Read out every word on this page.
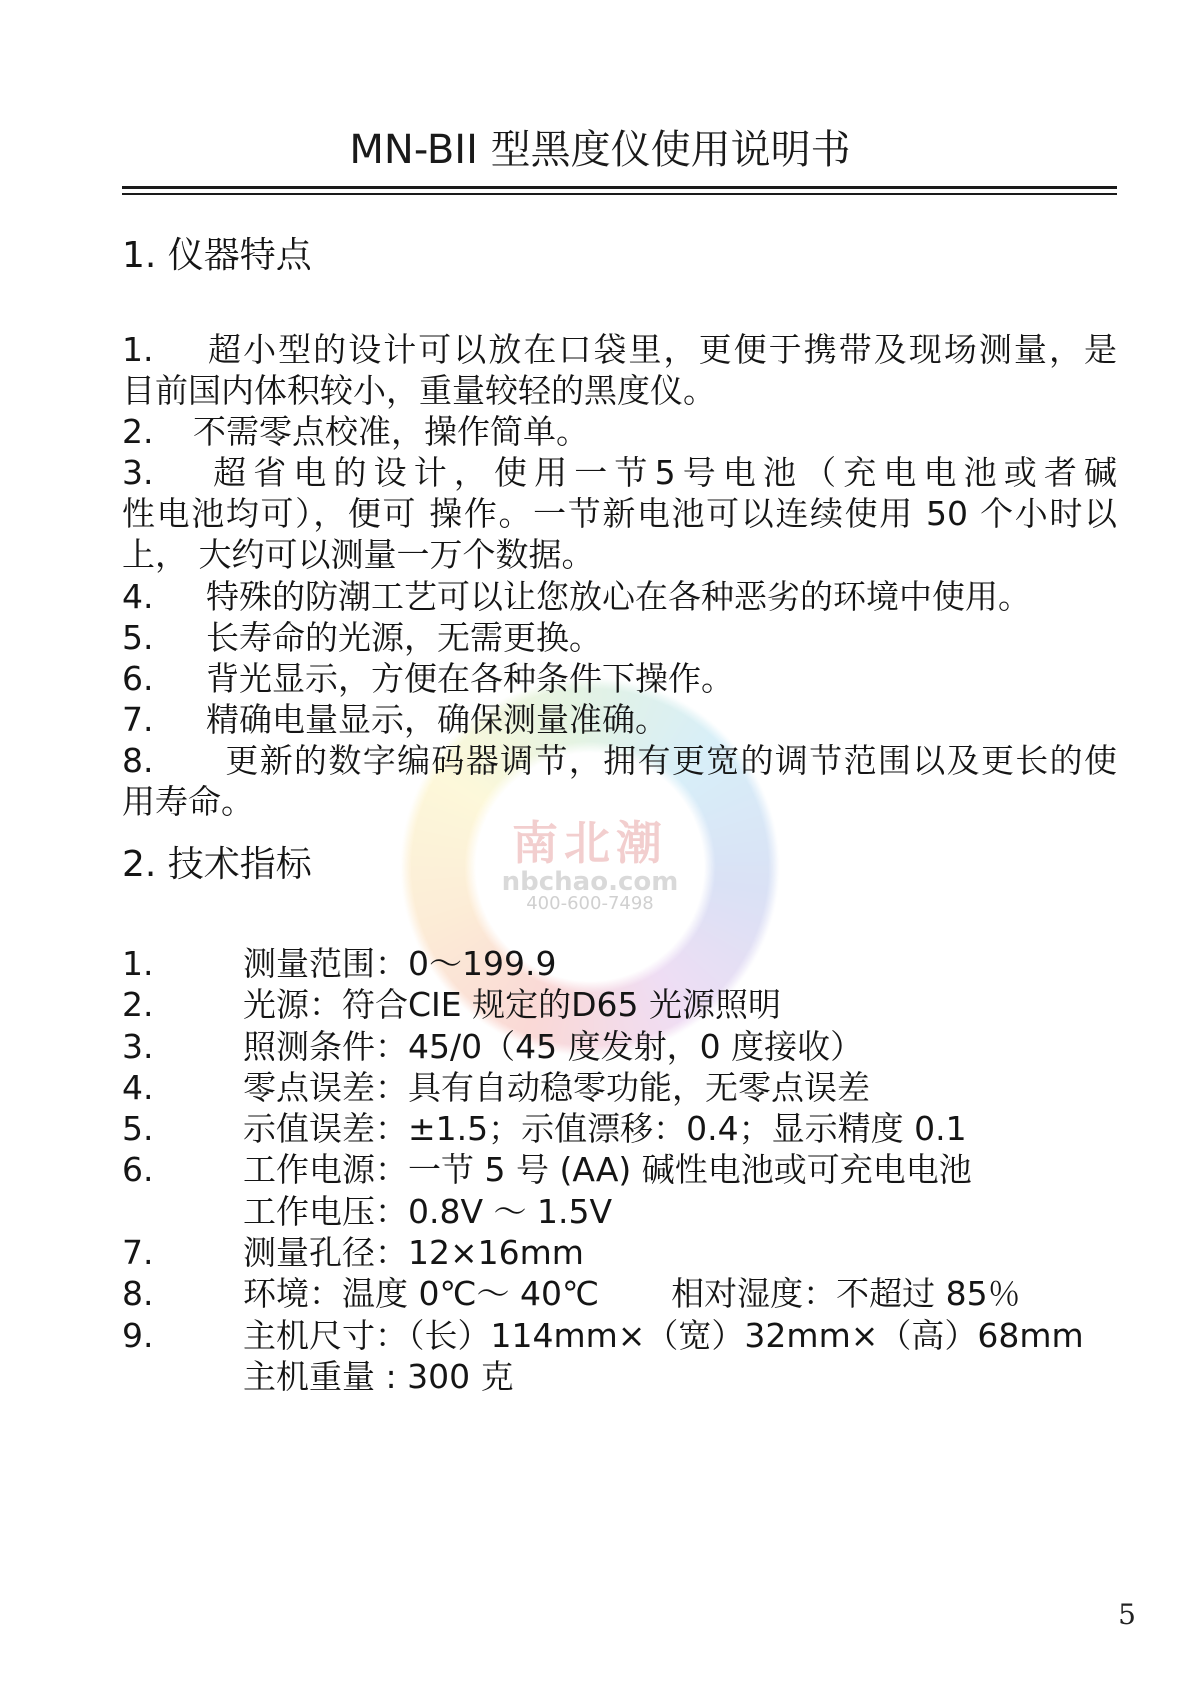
南北潮
nbchao.com
400-600-7498
MN-BII 型黑度仪使用说明书
1. 仪器特点
1. 超小型的设计可以放在口袋里，更便于携带及现场测量，是
目前国内体积较小，重量较轻的黑度仪。
2. 不需零点校准，操作简单。
3. 超省电的设计，使用一节5号电池（充电电池或者碱
性电池均可），便可 操作。一节新电池可以连续使用 50 个小时以
上， 大约可以测量一万个数据。
4. 特殊的防潮工艺可以让您放心在各种恶劣的环境中使用。
5. 长寿命的光源，无需更换。
6. 背光显示，方便在各种条件下操作。
7. 精确电量显示，确保测量准确。
8. 更新的数字编码器调节，拥有更宽的调节范围以及更长的使
用寿命。
2. 技术指标
1.	测量范围：0～199.9
2.	光源：符合CIE 规定的D65 光源照明
3.	照测条件：45/0（45 度发射，0 度接收）
4.	零点误差：具有自动稳零功能，无零点误差
5.	示值误差：±1.5；示值漂移：0.4；显示精度 0.1
6.	工作电源：一节 5 号 (AA) 碱性电池或可充电电池
工作电压：0.8V ～ 1.5V
7.	测量孔径：12×16mm
8.	环境：温度 0℃～ 40℃ 相对湿度：不超过 85％
9.	主机尺寸：（长）114mm×（宽）32mm×（高）68mm
主机重量 : 300 克
5
